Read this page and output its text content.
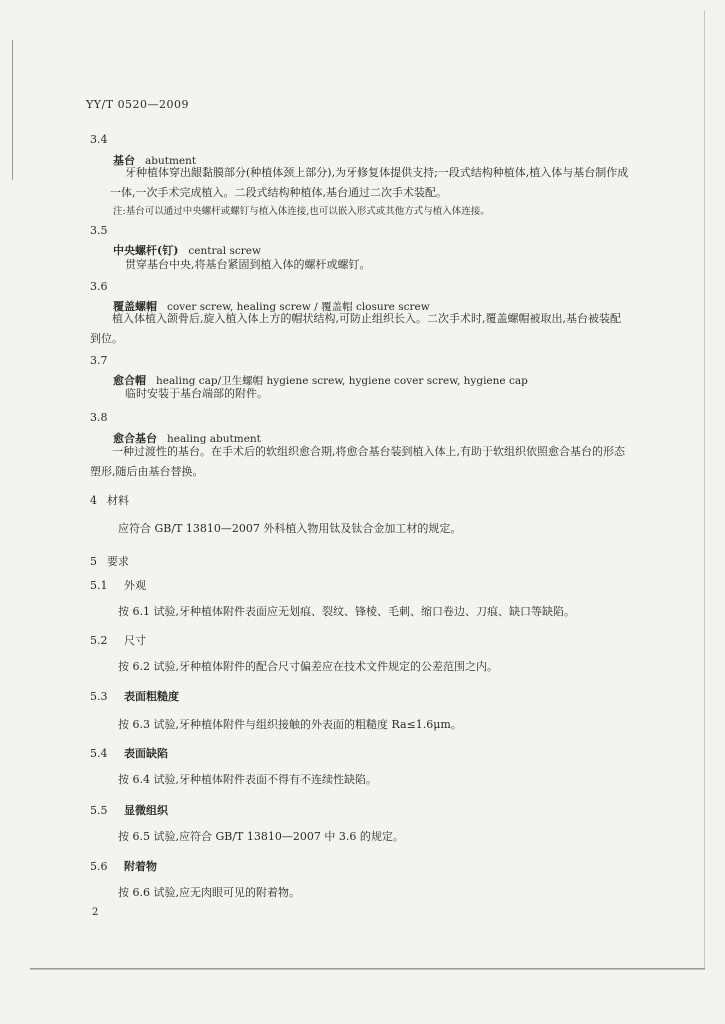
YY/T 0520—2009
3.4
基台 abutment
牙种植体穿出龈黏膜部分(种植体颈上部分),为牙修复体提供支持;一段式结构种植体,植入体与基台制作成一体,一次手术完成植入。二段式结构种植体,基台通过二次手术装配。
注:基台可以通过中央螺杆或螺钉与植入体连接,也可以嵌入形式或其他方式与植入体连接。
3.5
中央螺杆(钉) central screw
贯穿基台中央,将基台紧固到植入体的螺杆或螺钉。
3.6
覆盖螺帽 cover screw, healing screw / 覆盖帽 closure screw
植入体植入颌骨后,旋入植入体上方的帽状结构,可防止组织长入。二次手术时,覆盖螺帽被取出,基台被装配到位。
3.7
愈合帽 healing cap/卫生螺帽 hygiene screw, hygiene cover screw, hygiene cap
临时安装于基台端部的附件。
3.8
愈合基台 healing abutment
一种过渡性的基台。在手术后的软组织愈合期,将愈合基台装到植入体上,有助于软组织依照愈合基台的形态塑形,随后由基台替换。
4 材料
应符合 GB/T 13810—2007 外科植入物用钛及钛合金加工材的规定。
5 要求
5.1 外观
按 6.1 试验,牙种植体附件表面应无划痕、裂纹、锋棱、毛刺、缩口卷边、刀痕、缺口等缺陷。
5.2 尺寸
按 6.2 试验,牙种植体附件的配合尺寸偏差应在技术文件规定的公差范围之内。
5.3 表面粗糙度
按 6.3 试验,牙种植体附件与组织接触的外表面的粗糙度 Ra≤1.6μm。
5.4 表面缺陷
按 6.4 试验,牙种植体附件表面不得有不连续性缺陷。
5.5 显微组织
按 6.5 试验,应符合 GB/T 13810—2007 中 3.6 的规定。
5.6 附着物
按 6.6 试验,应无肉眼可见的附着物。
2
